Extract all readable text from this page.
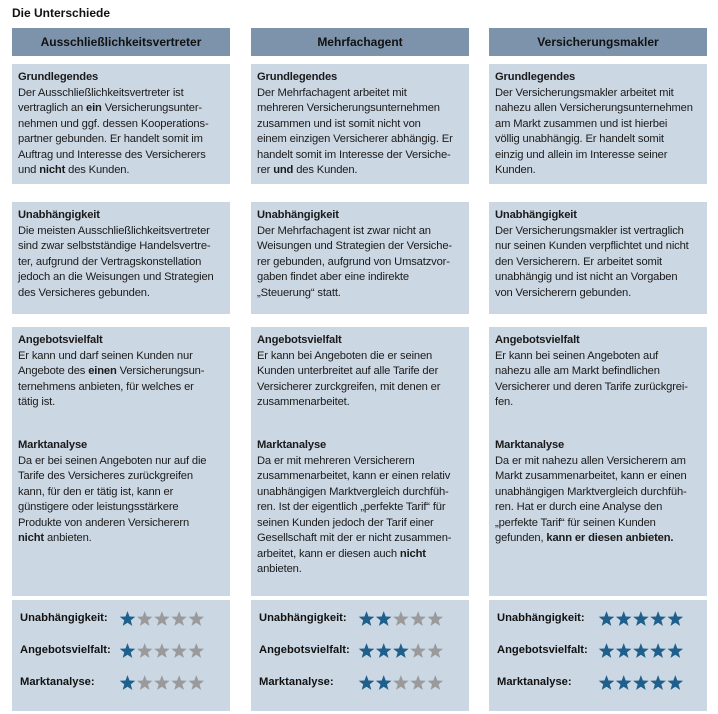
Die Unterschiede
Ausschließlichkeitsvertreter
Grundlegendes
Der Ausschließlichkeitsvertreter ist
vertraglich an ein Versicherungsunter-
nehmen und ggf. dessen Kooperations-
partner gebunden. Er handelt somit im
Auftrag und Interesse des Versicherers
und nicht des Kunden.
Unabhängigkeit
Die meisten Ausschließlichkeitsvertreter
sind zwar selbstständige Handelsvertre-
ter, aufgrund der Vertragskonstellation
jedoch an die Weisungen und Strategien
des Versicheres gebunden.
Angebotsvielfalt
Er kann und darf seinen Kunden nur
Angebote des einen Versicherungsun-
ternehmens anbieten, für welches er
tätig ist.
Marktanalyse
Da er bei seinen Angeboten nur auf die
Tarife des Versicheres zurückgreifen
kann, für den er tätig ist, kann er
günstigere oder leistungsstärkere
Produkte von anderen Versicherern
nicht anbieten.
Unabhängigkeit:
Angebotsvielfalt:
Marktanalyse:
Mehrfachagent
Grundlegendes
Der Mehrfachagent arbeitet mit
mehreren Versicherungsunternehmen
zusammen und ist somit nicht von
einem einzigen Versicherer abhängig. Er
handelt somit im Interesse der Versiche-
rer und des Kunden.
Unabhängigkeit
Der Mehrfachagent ist zwar nicht an
Weisungen und Strategien der Versiche-
rer gebunden, aufgrund von Umsatzvor-
gaben findet aber eine indirekte
„Steuerung“ statt.
Angebotsvielfalt
Er kann bei Angeboten die er seinen
Kunden unterbreitet auf alle Tarife der
Versicherer zurckgreifen, mit denen er
zusammenarbeitet.
Marktanalyse
Da er mit mehreren Versicherern
zusammenarbeitet, kann er einen relativ
unabhängigen Marktvergleich durchfüh-
ren. Ist der eigentlich „perfekte Tarif“ für
seinen Kunden jedoch der Tarif einer
Gesellschaft mit der er nicht zusammen-
arbeitet, kann er diesen auch nicht
anbieten.
Unabhängigkeit:
Angebotsvielfalt:
Marktanalyse:
Versicherungsmakler
Grundlegendes
Der Versicherungsmakler arbeitet mit
nahezu allen Versicherungsunternehmen
am Markt zusammen und ist hierbei
völlig unabhängig. Er handelt somit
einzig und allein im Interesse seiner
Kunden.
Unabhängigkeit
Der Versicherungsmakler ist vertraglich
nur seinen Kunden verpflichtet und nicht
den Versicherern. Er arbeitet somit
unabhängig und ist nicht an Vorgaben
von Versicherern gebunden.
Angebotsvielfalt
Er kann bei seinen Angeboten auf
nahezu alle am Markt befindlichen
Versicherer und deren Tarife zurückgrei-
fen.
Marktanalyse
Da er mit nahezu allen Versicherern am
Markt zusammenarbeitet, kann er einen
unabhängigen Marktvergleich durchfüh-
ren. Hat er durch eine Analyse den
„perfekte Tarif“ für seinen Kunden
gefunden, kann er diesen anbieten.
Unabhängigkeit:
Angebotsvielfalt:
Marktanalyse:
